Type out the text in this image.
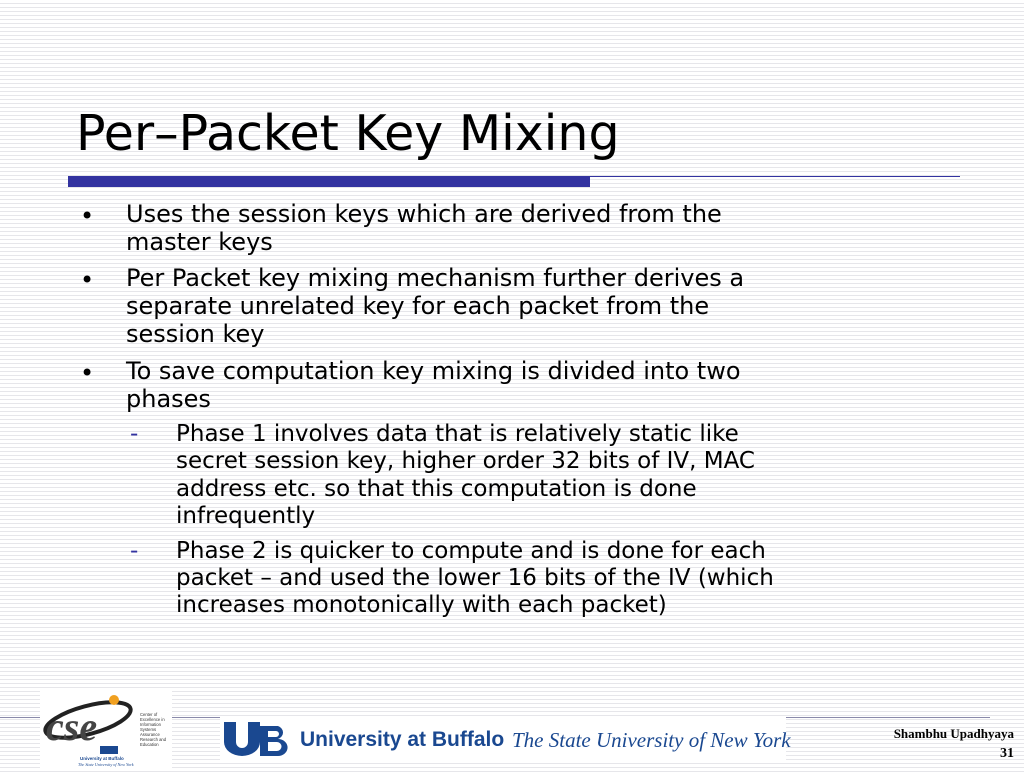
Per–Packet Key Mixing
• Uses the session keys which are derived from the
master keys
• Per Packet key mixing mechanism further derives a
separate unrelated key for each packet from the
session key
• To save computation key mixing is divided into two
phases
- Phase 1 involves data that is relatively static like
secret session key, higher order 32 bits of IV, MAC
address etc. so that this computation is done
infrequently
- Phase 2 is quicker to compute and is done for each
packet – and used the lower 16 bits of the IV (which
increases monotonically with each packet)
cse	Center of
Excellence in
Information
Systems
Assurance
Research and
Education
University at Buffalo
The State University of New York
University at Buffalo The State University of New York	Shambhu Upadhyaya
31
